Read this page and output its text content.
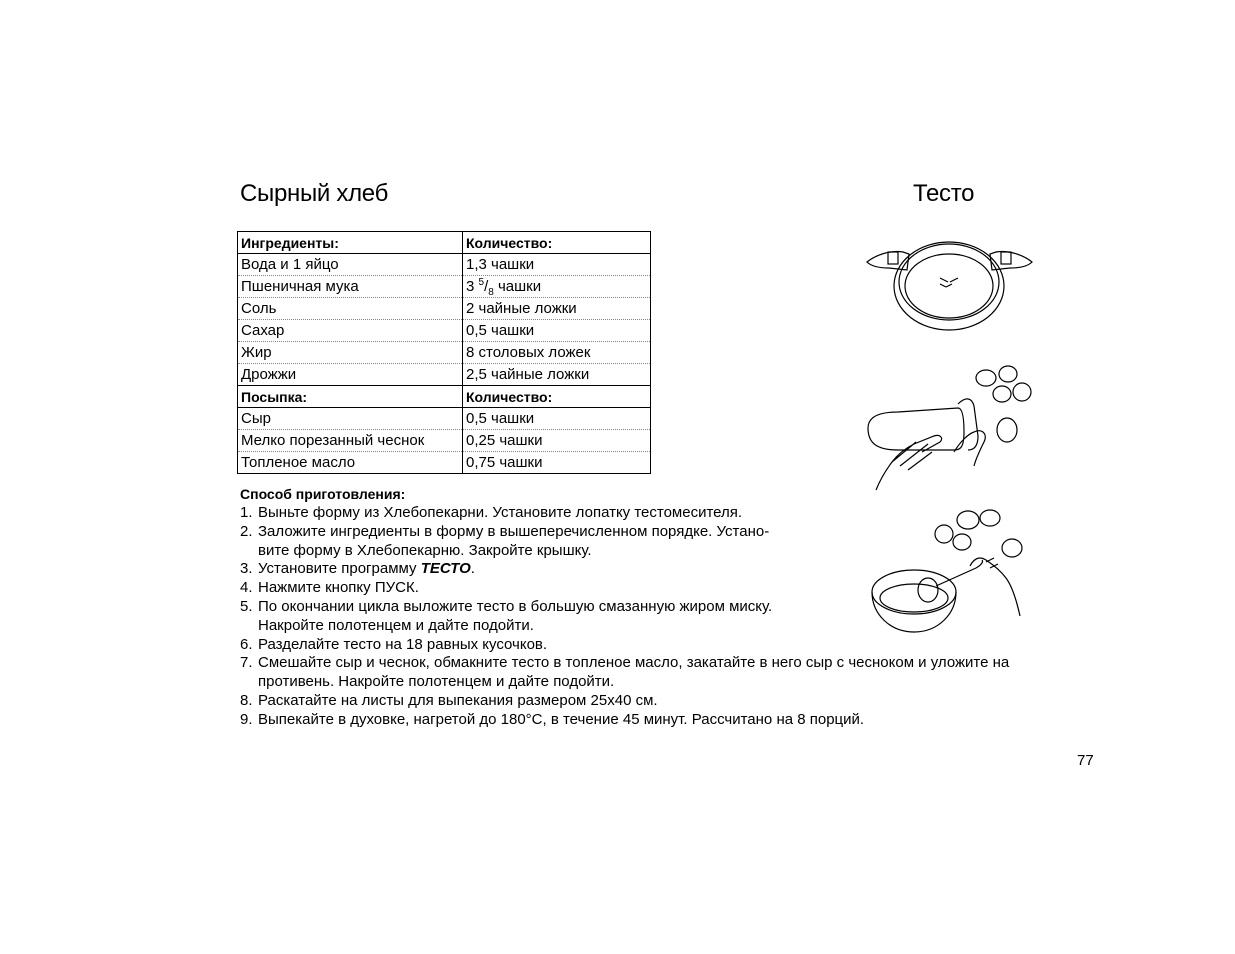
Сырный хлеб	Тесто
Ингредиенты:	Количество:
Вода и 1 яйцо	1,3 чашки
Пшеничная мука	3 $^5/_8$ чашки
Соль	2 чайные ложки
Сахар	0,5 чашки
Жир	8 столовых ложек
Дрожжи	2,5 чайные ложки
Посыпка:	Количество:
Сыр	0,5 чашки
Мелко порезанный чеснок	0,25 чашки
Топленое масло	0,75 чашки
Способ приготовления:
1. Выньте форму из Хлебопекарни. Установите лопатку тестомесителя.
2. Заложите ингредиенты в форму в вышеперечисленном порядке. Устано-
вите форму в Хлебопекарню. Закройте крышку.
3. Установите программу ТЕСТО.
4. Нажмите кнопку ПУСК.
5. По окончании цикла выложите тесто в большую смазанную жиром миску.
Накройте полотенцем и дайте подойти.
6. Разделайте тесто на 18 равных кусочков.
7. Смешайте сыр и чеснок, обмакните тесто в топленое масло, закатайте в него сыр с чесноком и уложите на
противень. Накройте полотенцем и дайте подойти.
8. Раскатайте на листы для выпекания размером 25x40 см.
9. Выпекайте в духовке, нагретой до 180°C, в течение 45 минут. Рассчитано на 8 порций.
77
